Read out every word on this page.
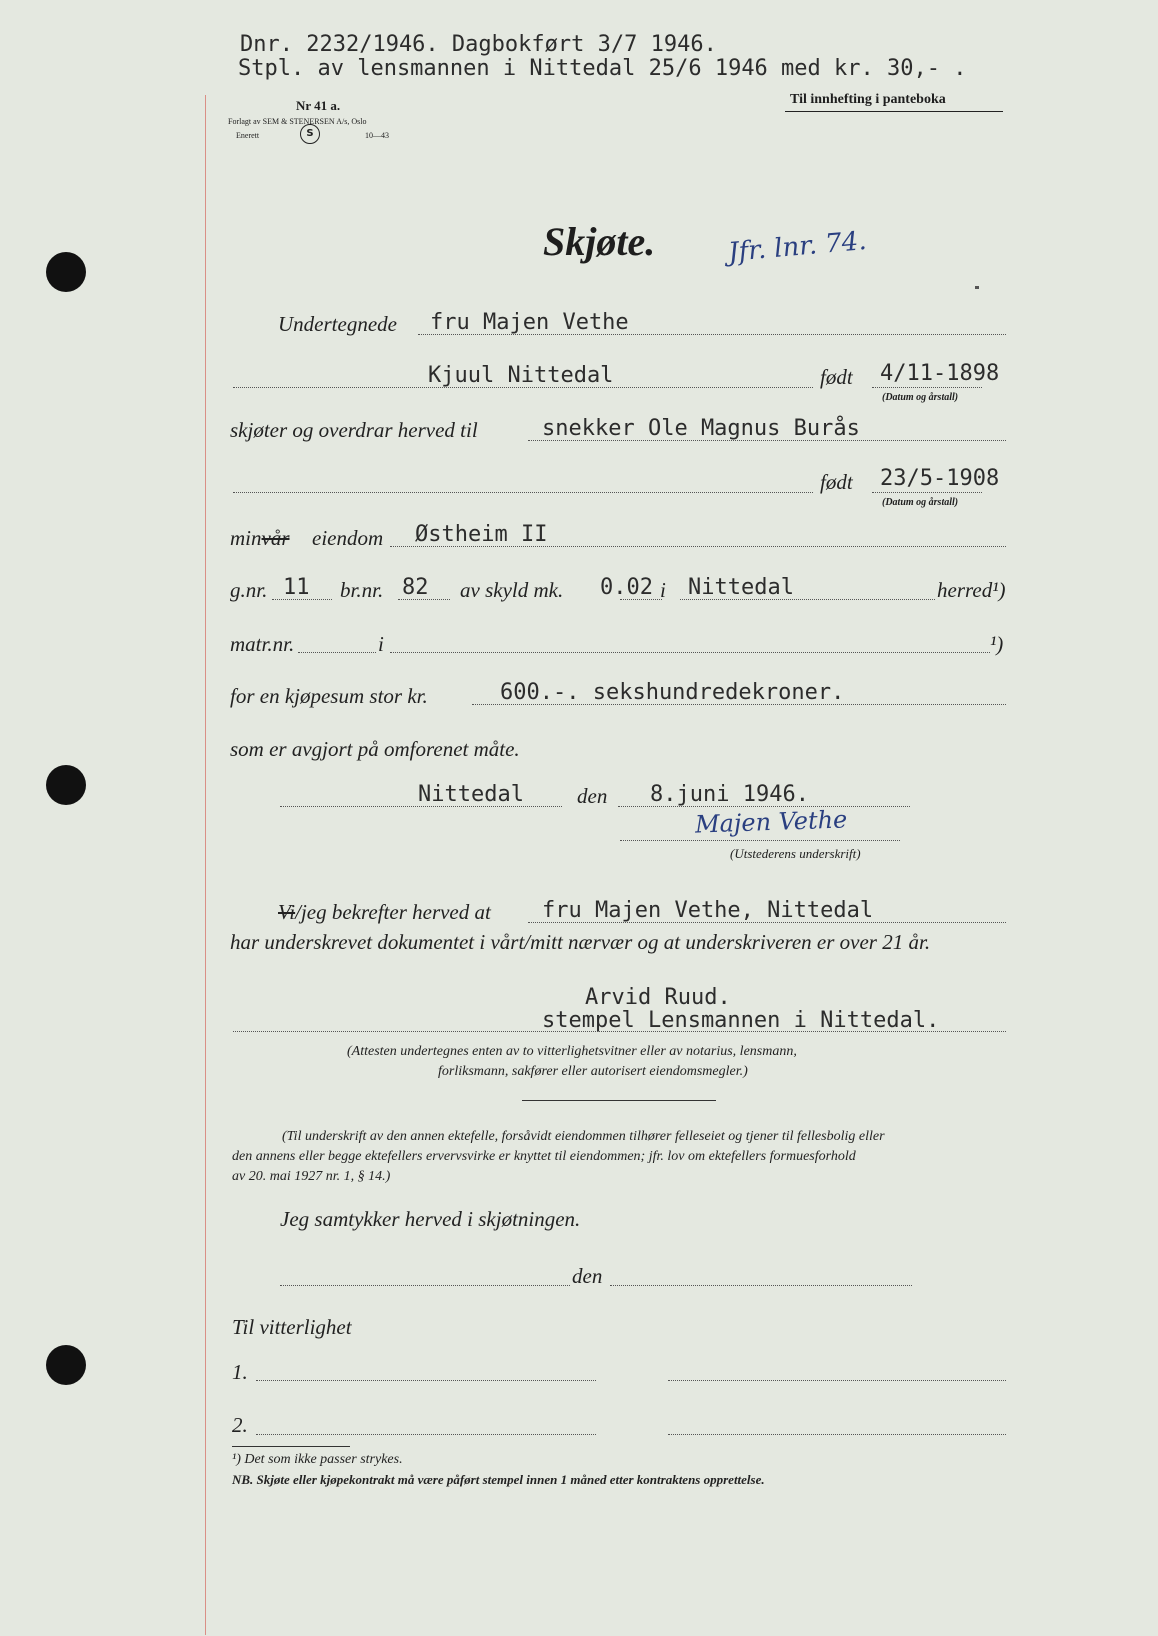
Dnr. 2232/1946. Dagbokført 3/7 1946.
Stpl. av lensmannen i Nittedal 25/6 1946 med kr. 30,- .
Nr 41 a.
Forlagt av SEM & STENERSEN A/s, Oslo
Enerett	S	10—43
Til innhefting i panteboka
Skjøte.	Jfr. lnr. 74.
Undertegnede fru Majen Vethe
Kjuul Nittedal	født 4/11-1898
(Datum og årstall)
skjøter og overdrar herved til	snekker Ole Magnus Burås
født 23/5-1908
(Datum og årstall)
minvår eiendom Østheim II
g.nr. 11 br.nr. 82 av skyld mk. 0.02 i Nittedal	herred¹)
matr.nr.	i	¹)
for en kjøpesum stor kr.	600.-. sekshundredekroner.
som er avgjort på omforenet måte.
Nittedal	den 8.juni 1946.
Majen Vethe
(Utstederens underskrift)
Vi/jeg bekrefter herved at fru Majen Vethe, Nittedal
har underskrevet dokumentet i vårt/mitt nærvær og at underskriveren er over 21 år.
Arvid Ruud.
stempel Lensmannen i Nittedal.
(Attesten undertegnes enten av to vitterlighetsvitner eller av notarius, lensmann,
forliksmann, sakfører eller autorisert eiendomsmegler.)
(Til underskrift av den annen ektefelle, forsåvidt eiendommen tilhører felleseiet og tjener til fellesbolig eller
den annens eller begge ektefellers ervervsvirke er knyttet til eiendommen; jfr. lov om ektefellers formuesforhold
av 20. mai 1927 nr. 1, § 14.)
Jeg samtykker herved i skjøtningen.
den
Til vitterlighet
1.
2.
¹) Det som ikke passer strykes.
NB. Skjøte eller kjøpekontrakt må være påført stempel innen 1 måned etter kontraktens opprettelse.
